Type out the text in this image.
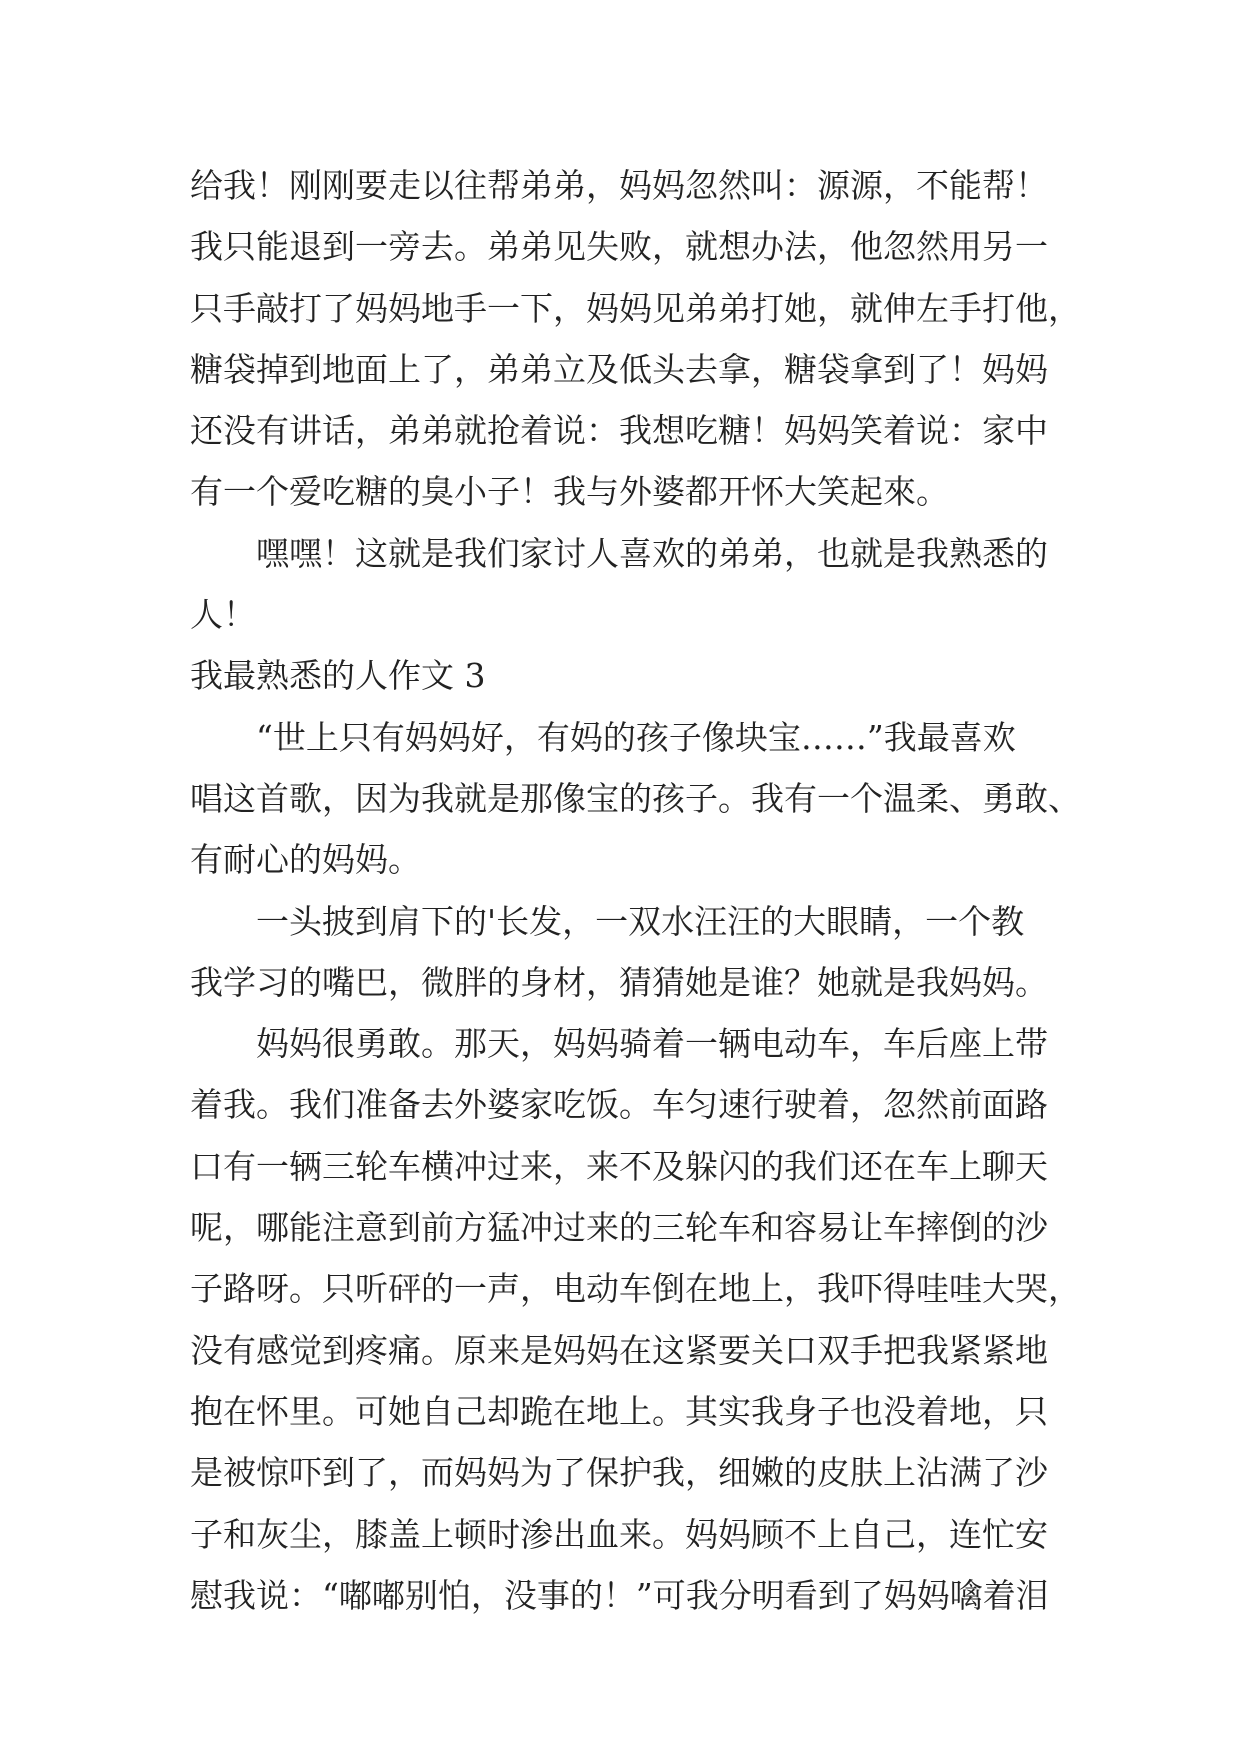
给我！刚刚要走以往帮弟弟，妈妈忽然叫：源源，不能帮！
我只能退到一旁去。弟弟见失败，就想办法，他忽然用另一
只手敲打了妈妈地手一下，妈妈见弟弟打她，就伸左手打他，
糖袋掉到地面上了，弟弟立及低头去拿，糖袋拿到了！妈妈
还没有讲话，弟弟就抢着说：我想吃糖！妈妈笑着说：家中
有一个爱吃糖的臭小子！我与外婆都开怀大笑起來。
嘿嘿！这就是我们家讨人喜欢的弟弟，也就是我熟悉的
人！
我最熟悉的人作文 3
“世上只有妈妈好，有妈的孩子像块宝……”我最喜欢
唱这首歌，因为我就是那像宝的孩子。我有一个温柔、勇敢、
有耐心的妈妈。
一头披到肩下的'长发，一双水汪汪的大眼睛，一个教
我学习的嘴巴，微胖的身材，猜猜她是谁？她就是我妈妈。
妈妈很勇敢。那天，妈妈骑着一辆电动车，车后座上带
着我。我们准备去外婆家吃饭。车匀速行驶着，忽然前面路
口有一辆三轮车横冲过来，来不及躲闪的我们还在车上聊天
呢，哪能注意到前方猛冲过来的三轮车和容易让车摔倒的沙
子路呀。只听砰的一声，电动车倒在地上，我吓得哇哇大哭，
没有感觉到疼痛。原来是妈妈在这紧要关口双手把我紧紧地
抱在怀里。可她自己却跪在地上。其实我身子也没着地，只
是被惊吓到了，而妈妈为了保护我，细嫩的皮肤上沾满了沙
子和灰尘，膝盖上顿时渗出血来。妈妈顾不上自己，连忙安
慰我说：“嘟嘟别怕，没事的！”可我分明看到了妈妈噙着泪
